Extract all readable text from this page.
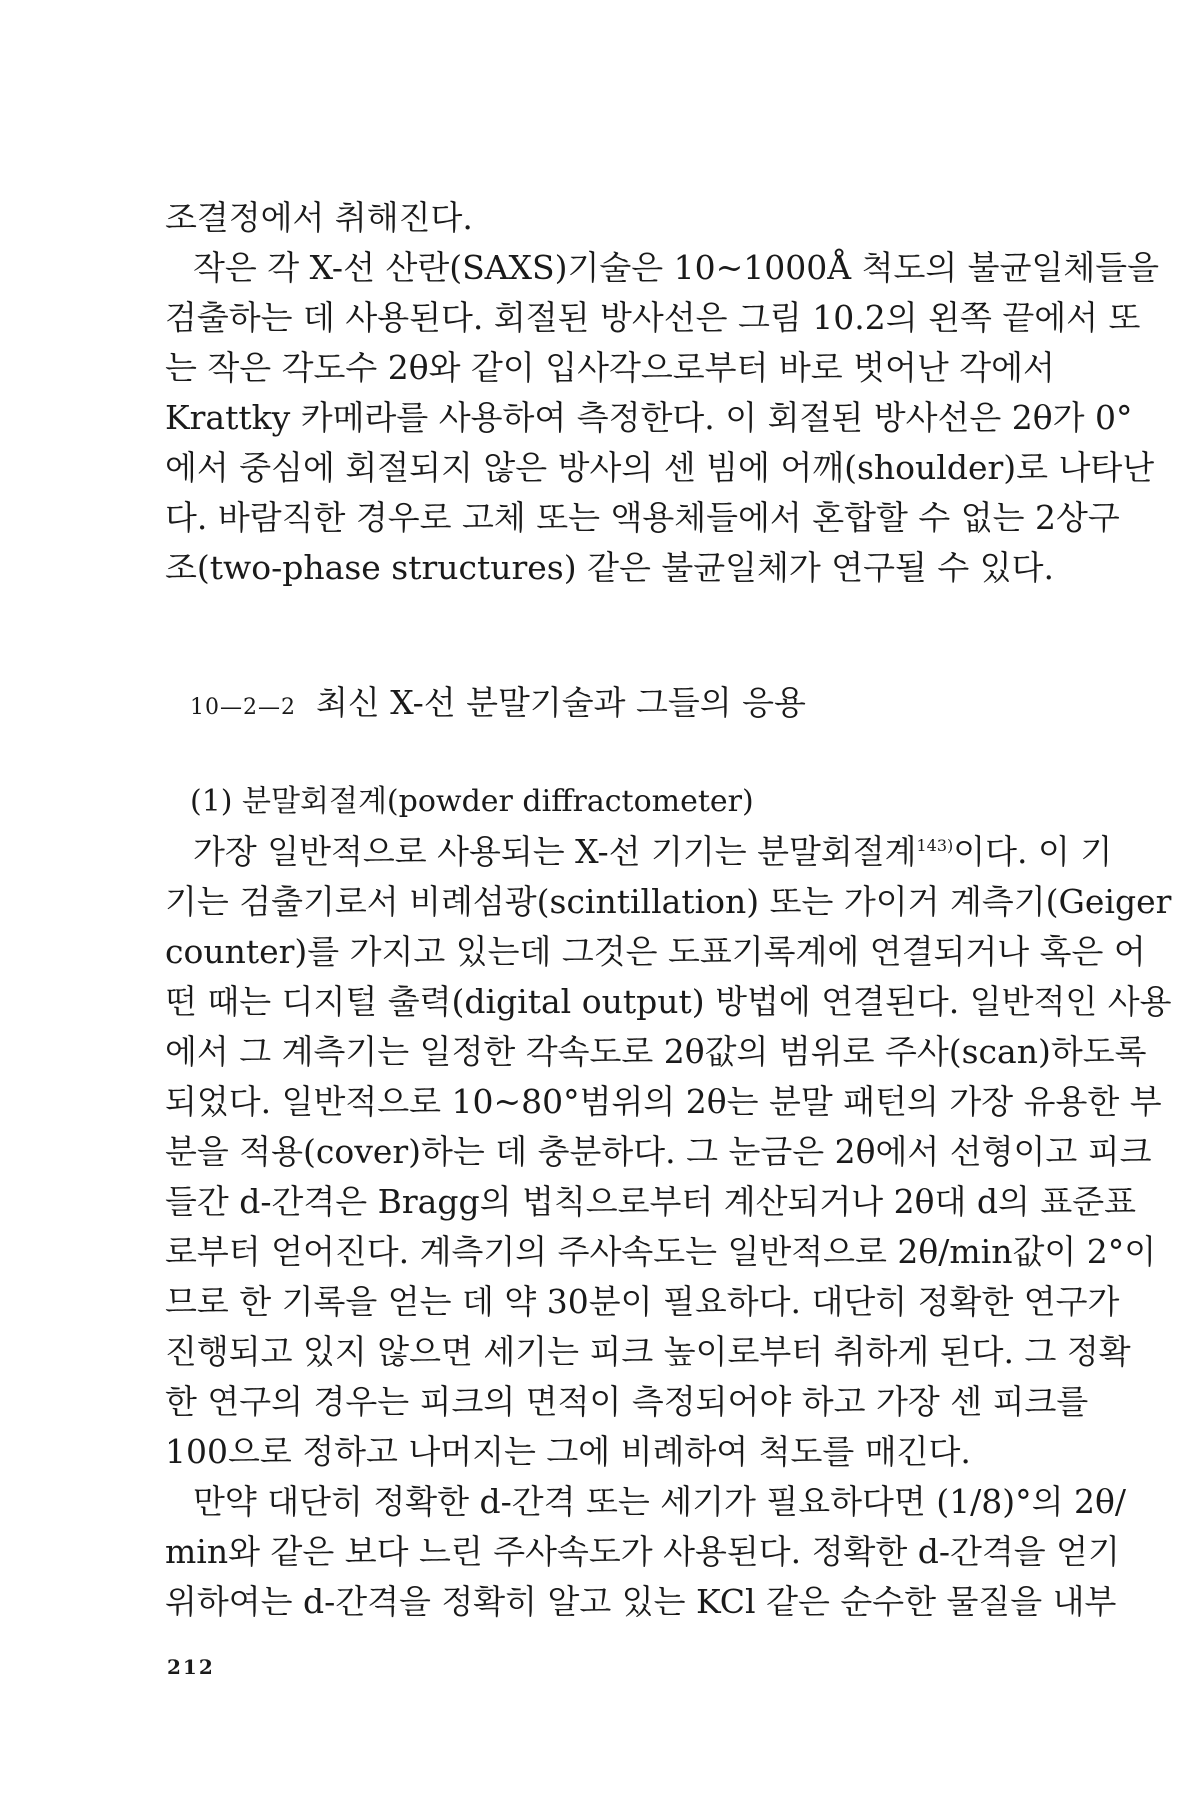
조결정에서 취해진다.
작은 각 X-선 산란(SAXS)기술은 10~1000Å 척도의 불균일체들을
검출하는 데 사용된다. 회절된 방사선은 그림 10.2의 왼쪽 끝에서 또
는 작은 각도수 2θ와 같이 입사각으로부터 바로 벗어난 각에서
Krattky 카메라를 사용하여 측정한다. 이 회절된 방사선은 2θ가 0°
에서 중심에 회절되지 않은 방사의 센 빔에 어깨(shoulder)로 나타난
다. 바람직한 경우로 고체 또는 액용체들에서 혼합할 수 없는 2상구
조(two-phase structures) 같은 불균일체가 연구될 수 있다.
10—2—2 최신 X-선 분말기술과 그들의 응용
(1) 분말회절계(powder diffractometer)
가장 일반적으로 사용되는 X-선 기기는 분말회절계$^{143)}$이다. 이 기
기는 검출기로서 비례섬광(scintillation) 또는 가이거 계측기(Geiger
counter)를 가지고 있는데 그것은 도표기록계에 연결되거나 혹은 어
떤 때는 디지털 출력(digital output) 방법에 연결된다. 일반적인 사용
에서 그 계측기는 일정한 각속도로 2θ값의 범위로 주사(scan)하도록
되었다. 일반적으로 10~80°범위의 2θ는 분말 패턴의 가장 유용한 부
분을 적용(cover)하는 데 충분하다. 그 눈금은 2θ에서 선형이고 피크
들간 d-간격은 Bragg의 법칙으로부터 계산되거나 2θ대 d의 표준표
로부터 얻어진다. 계측기의 주사속도는 일반적으로 2θ/min값이 2°이
므로 한 기록을 얻는 데 약 30분이 필요하다. 대단히 정확한 연구가
진행되고 있지 않으면 세기는 피크 높이로부터 취하게 된다. 그 정확
한 연구의 경우는 피크의 면적이 측정되어야 하고 가장 센 피크를
100으로 정하고 나머지는 그에 비례하여 척도를 매긴다.
만약 대단히 정확한 d-간격 또는 세기가 필요하다면 (1/8)°의 2θ/
min와 같은 보다 느린 주사속도가 사용된다. 정확한 d-간격을 얻기
위하여는 d-간격을 정확히 알고 있는 KCl 같은 순수한 물질을 내부
212
